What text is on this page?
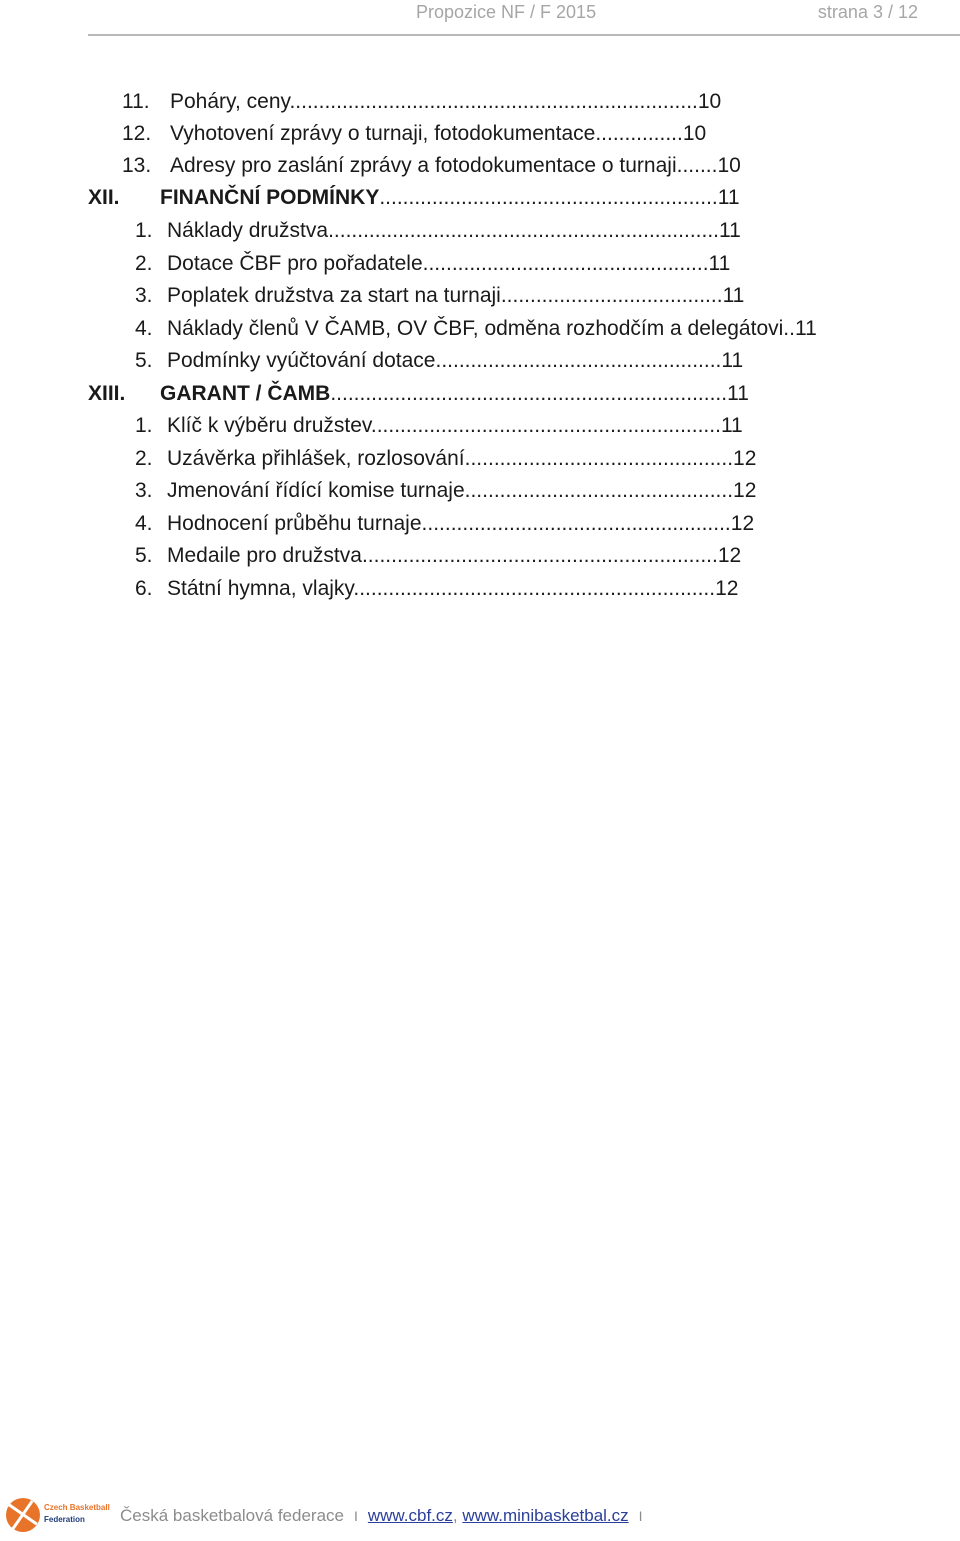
Propozice NF / F 2015	strana 3 / 12
11. Poháry, ceny......................................................................10
12. Vyhotovení zprávy o turnaji, fotodokumentace...............10
13. Adresy pro zaslání zprávy a fotodokumentace o turnaji.......10
XII. FINANČNÍ PODMÍNKY..........................................................11
1. Náklady družstva...................................................................11
2. Dotace ČBF pro pořadatele.................................................11
3. Poplatek družstva za start na turnaji......................................11
4. Náklady členů V ČAMB, OV ČBF, odměna rozhodčím a delegátovi..11
5. Podmínky vyúčtování dotace.................................................11
XIII. GARANT / ČAMB....................................................................11
1. Klíč k výběru družstev............................................................11
2. Uzávěrka přihlášek, rozlosování..............................................12
3. Jmenování řídící komise turnaje..............................................12
4. Hodnocení průběhu turnaje.....................................................12
5. Medaile pro družstva.............................................................12
6. Státní hymna, vlajky..............................................................12
Czech Basketball
Federation Česká basketbalová federace I www.cbf.cz, www.minibasketbal.cz I
